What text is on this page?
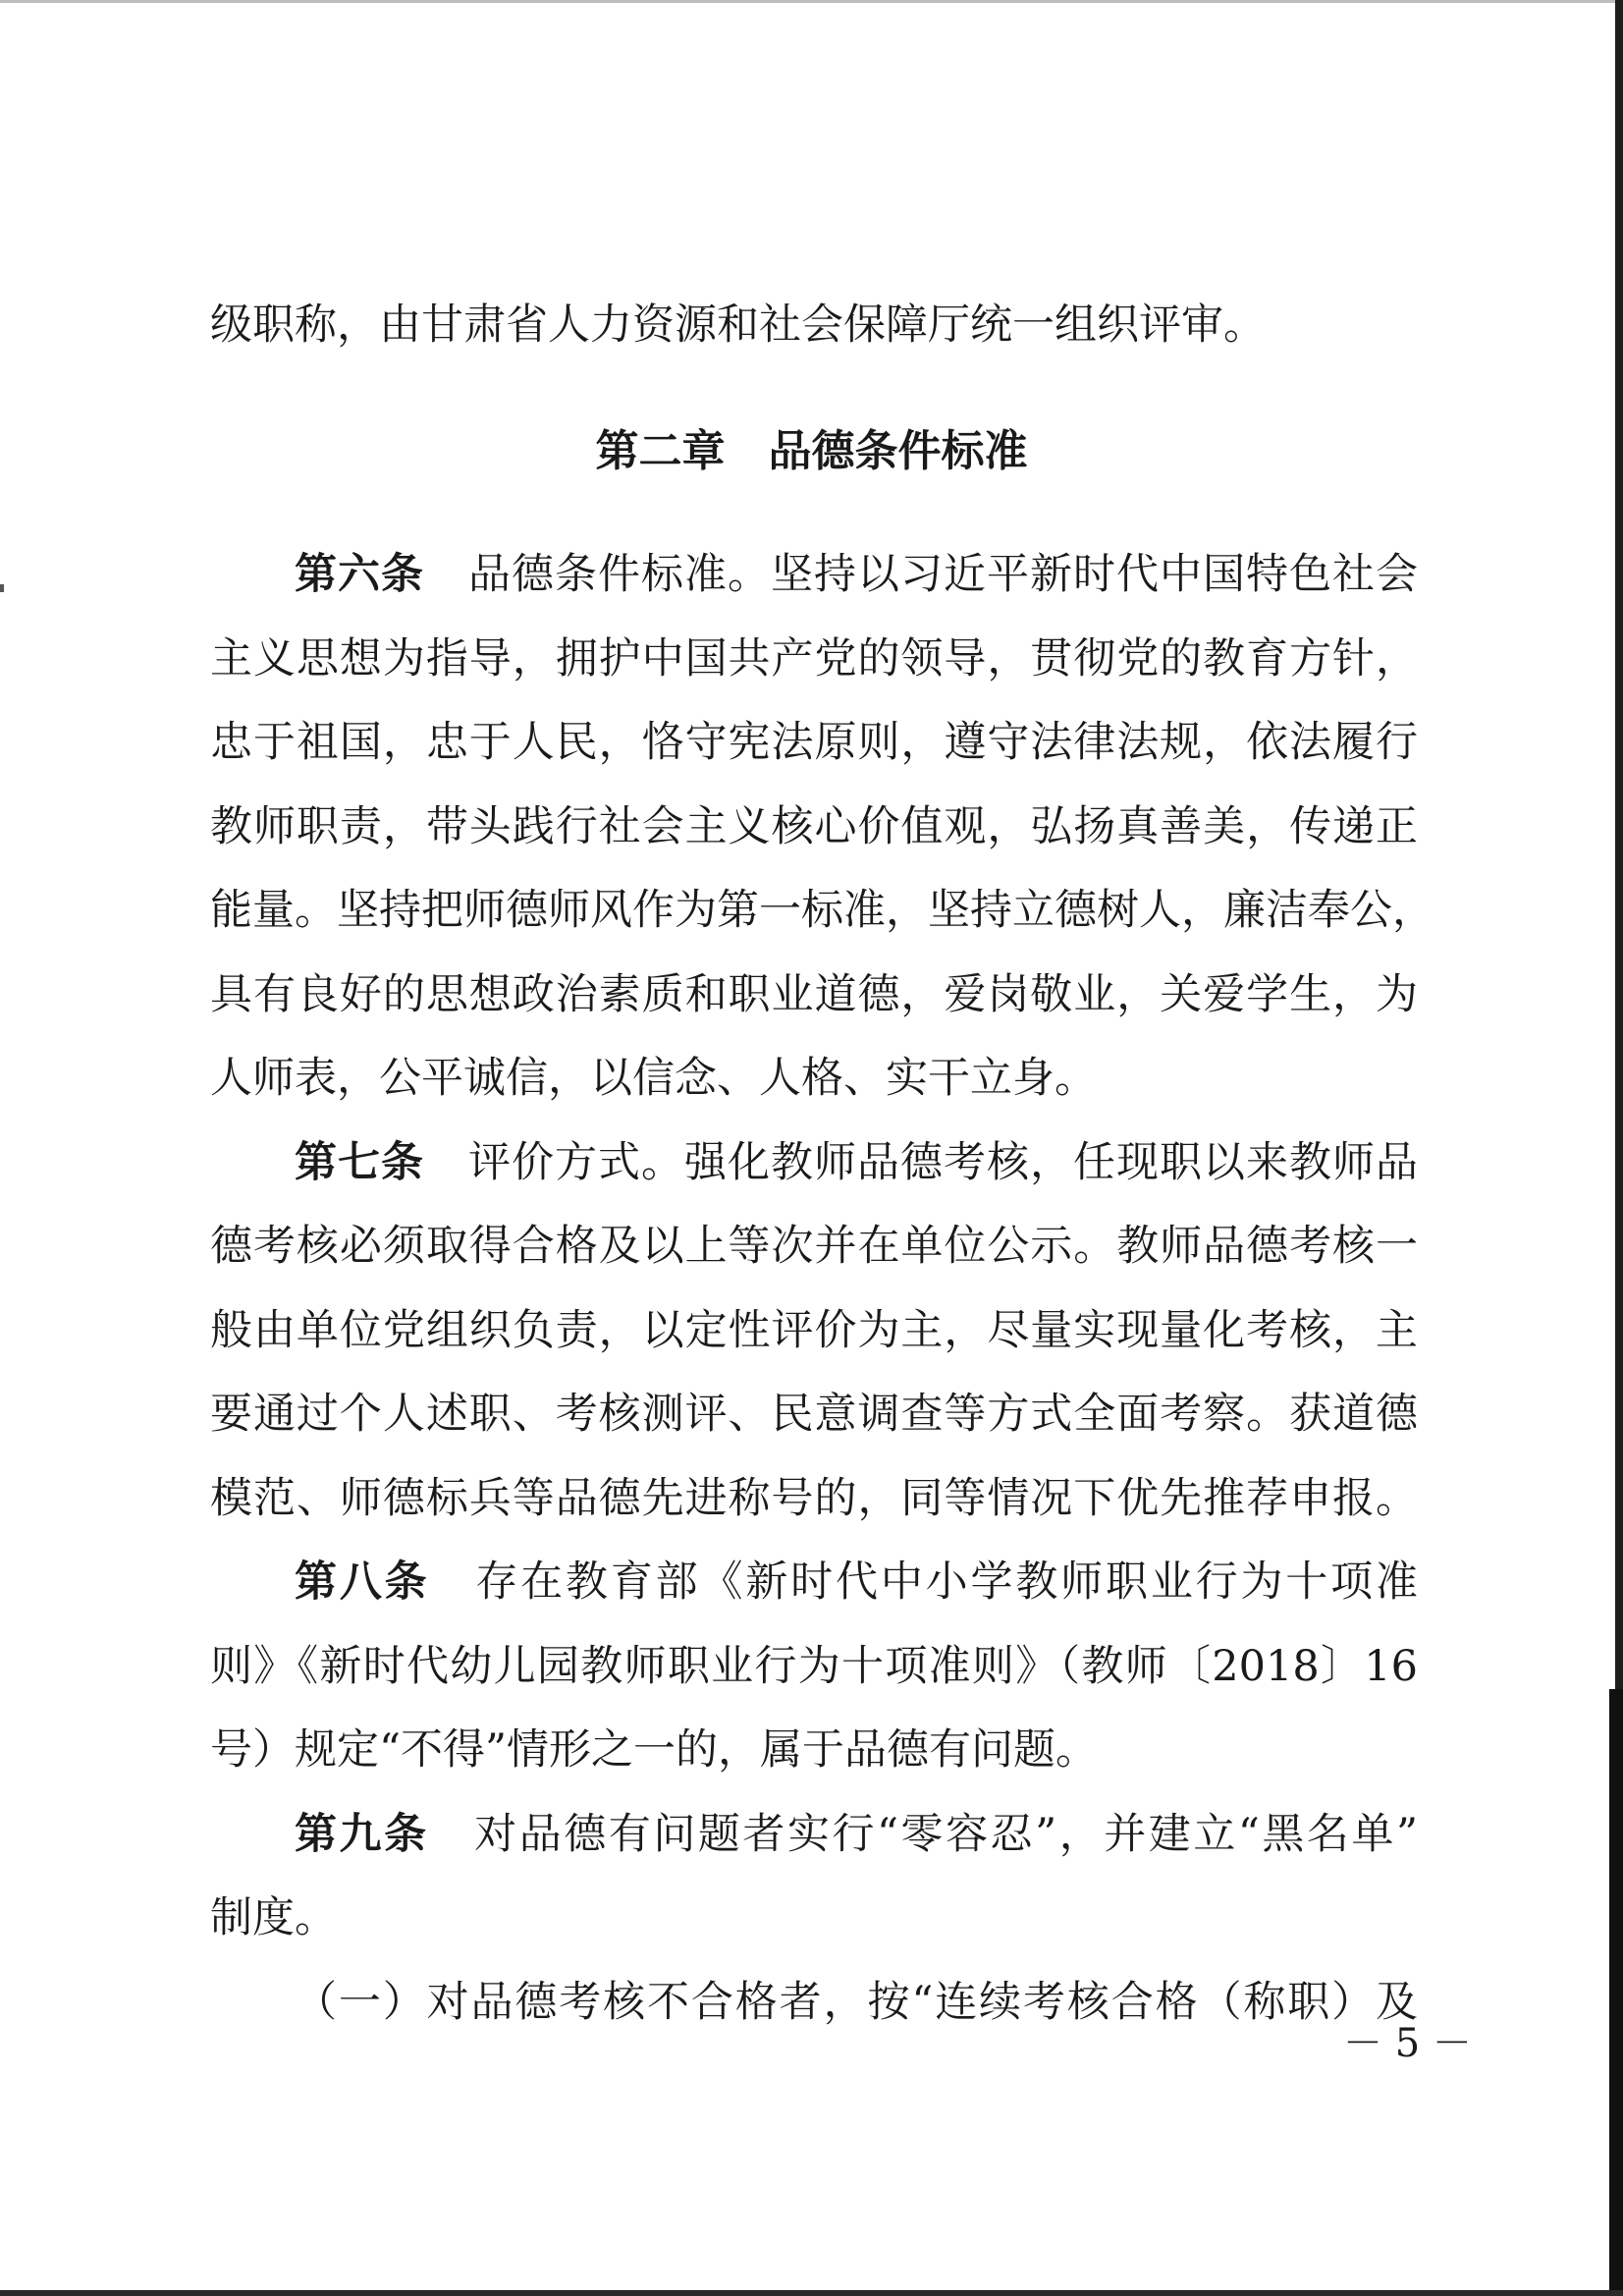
级职称，由甘肃省人力资源和社会保障厅统一组织评审。
第二章　品德条件标准
第六条 品德条件标准。坚持以习近平新时代中国特色社会
主义思想为指导，拥护中国共产党的领导，贯彻党的教育方针，
忠于祖国，忠于人民，恪守宪法原则，遵守法律法规，依法履行
教师职责，带头践行社会主义核心价值观，弘扬真善美，传递正
能量。坚持把师德师风作为第一标准，坚持立德树人，廉洁奉公，
具有良好的思想政治素质和职业道德，爱岗敬业，关爱学生，为
人师表，公平诚信，以信念、人格、实干立身。
第七条 评价方式。强化教师品德考核，任现职以来教师品
德考核必须取得合格及以上等次并在单位公示。教师品德考核一
般由单位党组织负责，以定性评价为主，尽量实现量化考核，主
要通过个人述职、考核测评、民意调查等方式全面考察。获道德
模范、师德标兵等品德先进称号的，同等情况下优先推荐申报。
第八条 存在教育部《新时代中小学教师职业行为十项准
则》《新时代幼儿园教师职业行为十项准则》（教师〔2018〕16
号）规定“不得”情形之一的，属于品德有问题。
第九条 对品德有问题者实行“零容忍”，并建立“黑名单”
制度。
（一）对品德考核不合格者，按“连续考核合格（称职）及
－ 5 －
